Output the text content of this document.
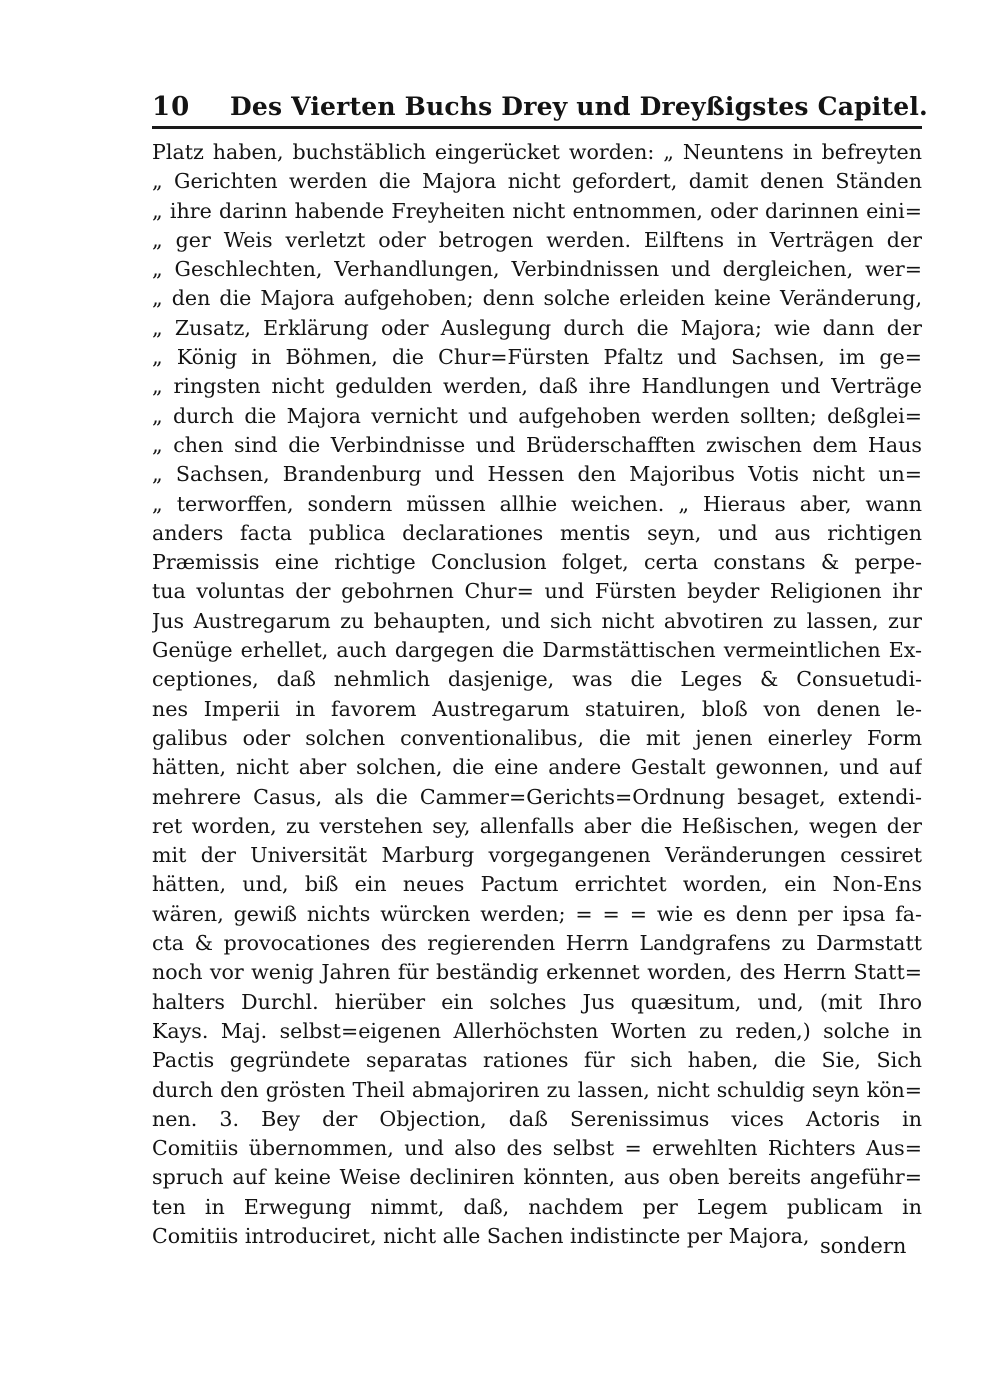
10 Des Vierten Buchs Drey und Dreyßigstes Capitel.
Platz haben, buchstäblich eingerücket worden: „ Neuntens in befreyten
„ Gerichten werden die Majora nicht gefordert, damit denen Ständen
„ ihre darinn habende Freyheiten nicht entnommen, oder darinnen eini=
„ ger Weis verletzt oder betrogen werden. Eilftens in Verträgen der
„ Geschlechten, Verhandlungen, Verbindnissen und dergleichen, wer=
„ den die Majora aufgehoben; denn solche erleiden keine Veränderung,
„ Zusatz, Erklärung oder Auslegung durch die Majora; wie dann der
„ König in Böhmen, die Chur=Fürsten Pfaltz und Sachsen, im ge=
„ ringsten nicht gedulden werden, daß ihre Handlungen und Verträge
„ durch die Majora vernicht und aufgehoben werden sollten; deßglei=
„ chen sind die Verbindnisse und Brüderschafften zwischen dem Haus
„ Sachsen, Brandenburg und Hessen den Majoribus Votis nicht un=
„ terworffen, sondern müssen allhie weichen. „ Hieraus aber, wann
anders facta publica declarationes mentis seyn, und aus richtigen
Præmissis eine richtige Conclusion folget, certa constans & perpe-
tua voluntas der gebohrnen Chur= und Fürsten beyder Religionen ihr
Jus Austregarum zu behaupten, und sich nicht abvotiren zu lassen, zur
Genüge erhellet, auch dargegen die Darmstättischen vermeintlichen Ex-
ceptiones, daß nehmlich dasjenige, was die Leges & Consuetudi-
nes Imperii in favorem Austregarum statuiren, bloß von denen le-
galibus oder solchen conventionalibus, die mit jenen einerley Form
hätten, nicht aber solchen, die eine andere Gestalt gewonnen, und auf
mehrere Casus, als die Cammer=Gerichts=Ordnung besaget, extendi-
ret worden, zu verstehen sey, allenfalls aber die Heßischen, wegen der
mit der Universität Marburg vorgegangenen Veränderungen cessiret
hätten, und, biß ein neues Pactum errichtet worden, ein Non-Ens
wären, gewiß nichts würcken werden; = = = wie es denn per ipsa fa-
cta & provocationes des regierenden Herrn Landgrafens zu Darmstatt
noch vor wenig Jahren für beständig erkennet worden, des Herrn Statt=
halters Durchl. hierüber ein solches Jus quæsitum, und, (mit Ihro
Kays. Maj. selbst=eigenen Allerhöchsten Worten zu reden,) solche in
Pactis gegründete separatas rationes für sich haben, die Sie, Sich
durch den grösten Theil abmajoriren zu lassen, nicht schuldig seyn kön=
nen. 3. Bey der Objection, daß Serenissimus vices Actoris in
Comitiis übernommen, und also des selbst = erwehlten Richters Aus=
spruch auf keine Weise decliniren könnten, aus oben bereits angeführ=
ten in Erwegung nimmt, daß, nachdem per Legem publicam in
Comitiis introduciret, nicht alle Sachen indistincte per Majora, sondern
